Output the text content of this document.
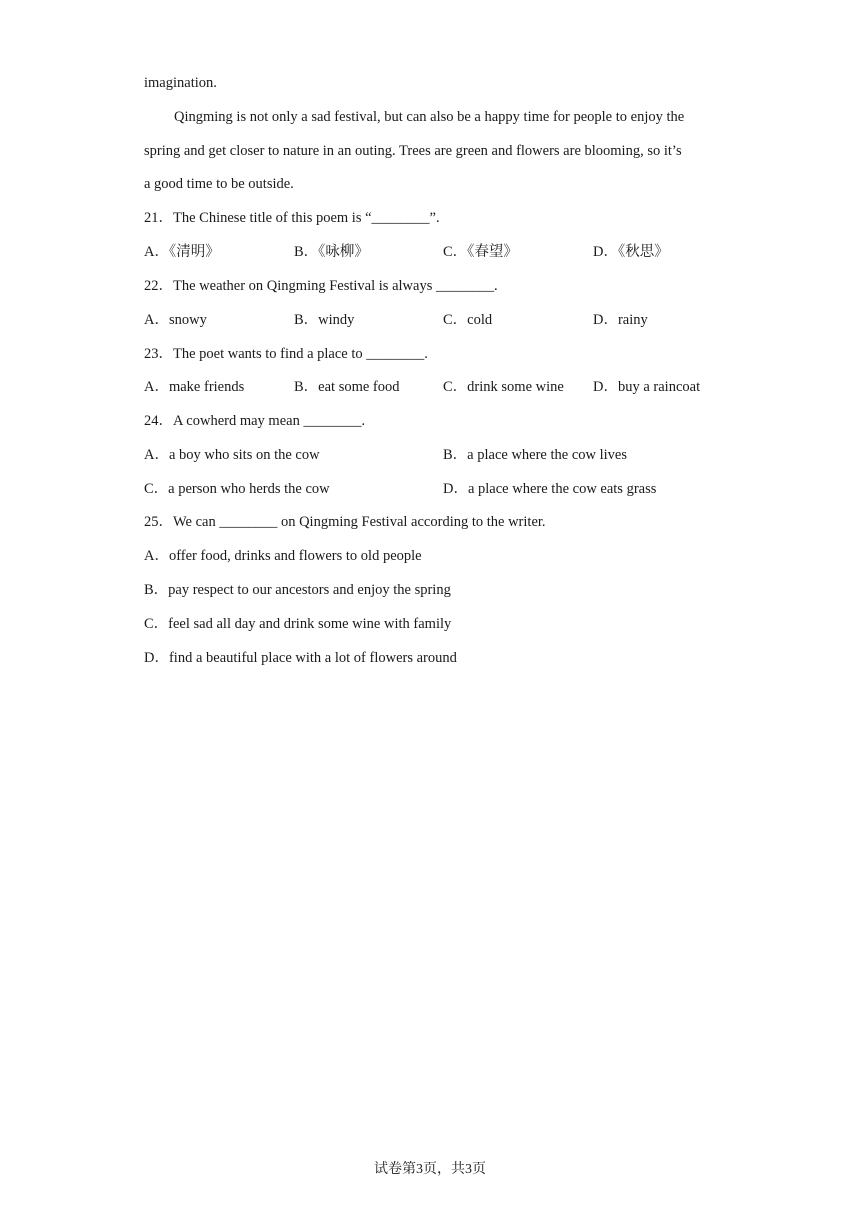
imagination.
Qingming is not only a sad festival, but can also be a happy time for people to enjoy the
spring and get closer to nature in an outing. Trees are green and flowers are blooming, so it’s
a good time to be outside.
21．The Chinese title of this poem is “________”.
A．《清明》	B．《咏柳》	C．《春望》	D．《秋思》
22．The weather on Qingming Festival is always ________.
A．snowy	B．windy	C．cold	D．rainy
23．The poet wants to find a place to ________.
A．make friends	B．eat some food	C．drink some wine D．buy a raincoat
24．A cowherd may mean ________.
A．a boy who sits on the cow	B．a place where the cow lives
C．a person who herds the cow	D．a place where the cow eats grass
25．We can ________ on Qingming Festival according to the writer.
A．offer food, drinks and flowers to old people
B．pay respect to our ancestors and enjoy the spring
C．feel sad all day and drink some wine with family
D．find a beautiful place with a lot of flowers around
试卷第3页，共3页
